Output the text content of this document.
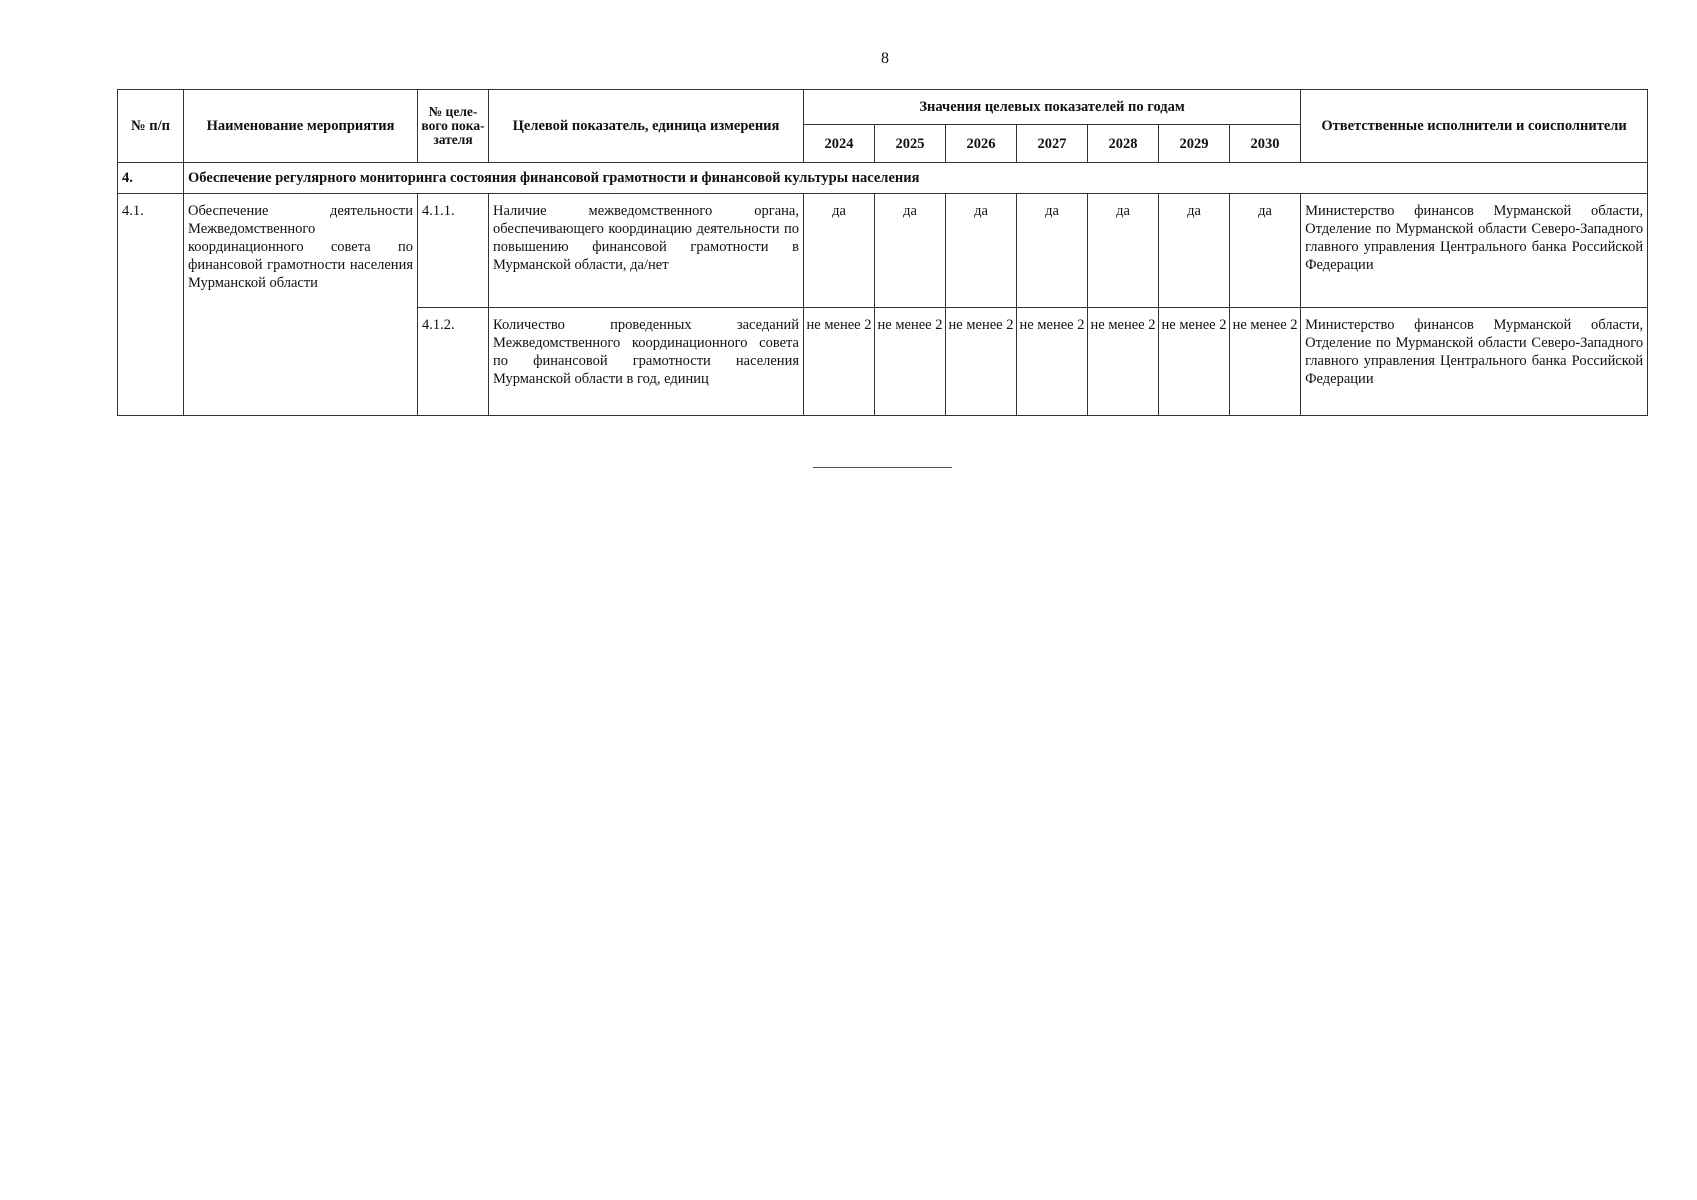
8
№ п/п	Наименование мероприятия	№ целе-вого пока-зателя	Целевой показатель, единица измерения	Значения целевых показателей по годам							Ответственные исполнители и соисполнители
				2024	2025	2026	2027	2028	2029	2030	
4.	Обеспечение регулярного мониторинга состояния финансовой грамотности и финансовой культуры населения										
4.1.	Обеспечение деятельности Межведомственного координационного совета по финансовой грамотности населения Мурманской области	4.1.1.	Наличие межведомственного органа, обеспечивающего координацию деятельности по повышению финансовой грамотности в Мурманской области, да/нет	да	да	да	да	да	да	да	Министерство финансов Мурманской области, Отделение по Мурманской области Северо-Западного главного управления Центрального банка Российской Федерации
		4.1.2.	Количество проведенных заседаний Межведомственного координационного совета по финансовой грамотности населения Мурманской области в год, единиц	не менее 2	не менее 2	не менее 2	не менее 2	не менее 2	не менее 2	не менее 2	Министерство финансов Мурманской области, Отделение по Мурманской области Северо-Западного главного управления Центрального банка Российской Федерации
